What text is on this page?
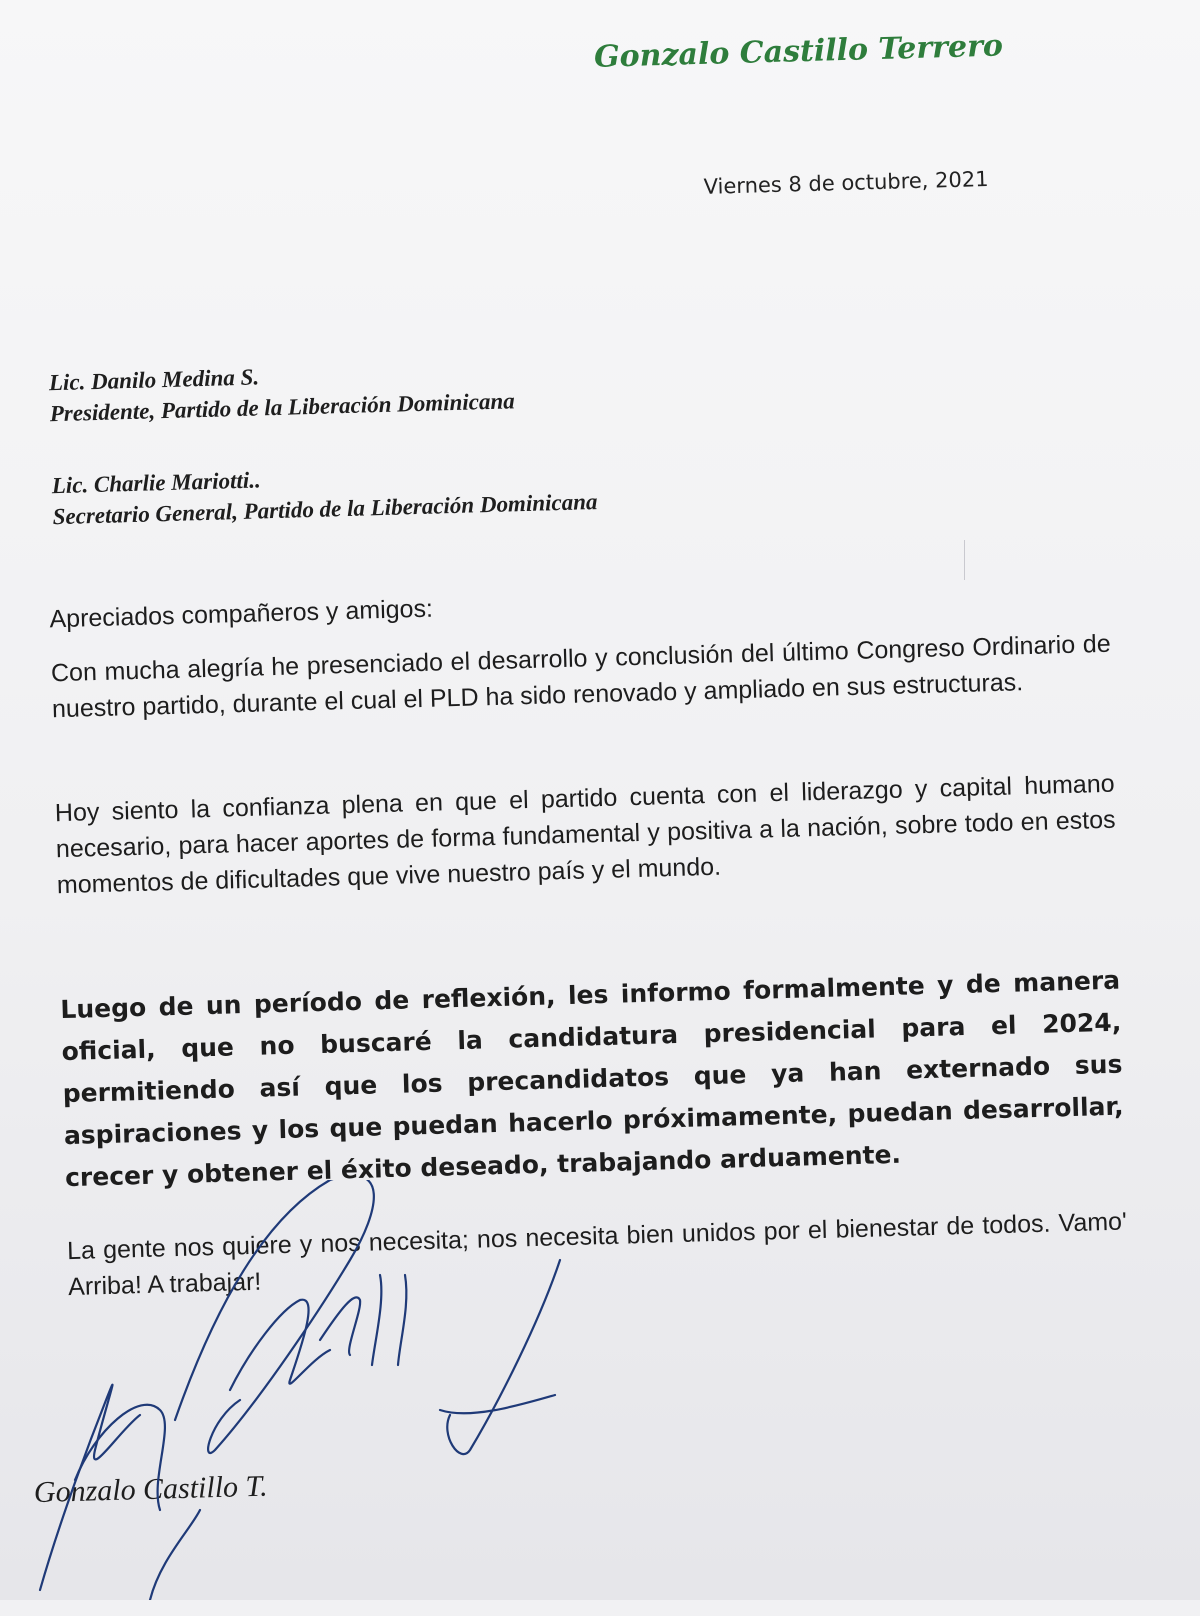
Gonzalo Castillo Terrero
Viernes 8 de octubre, 2021
Lic. Danilo Medina S.
Presidente, Partido de la Liberación Dominicana
Lic. Charlie Mariotti..
Secretario General, Partido de la Liberación Dominicana
Apreciados compañeros y amigos:
Con mucha alegría he presenciado el desarrollo y conclusión del último Congreso Ordinario de nuestro partido, durante el cual el PLD ha sido renovado y ampliado en sus estructuras.
Hoy siento la confianza plena en que el partido cuenta con el liderazgo y capital humano necesario, para hacer aportes de forma fundamental y positiva a la nación, sobre todo en estos momentos de dificultades que vive nuestro país y el mundo.
Luego de un período de reflexión, les informo formalmente y de manera oficial, que no buscaré la candidatura presidencial para el 2024, permitiendo así que los precandidatos que ya han externado sus aspiraciones y los que puedan hacerlo próximamente, puedan desarrollar, crecer y obtener el éxito deseado, trabajando arduamente.
La gente nos quiere y nos necesita; nos necesita bien unidos por el bienestar de todos. Vamo' Arriba! A trabajar!
Gonzalo Castillo T.
